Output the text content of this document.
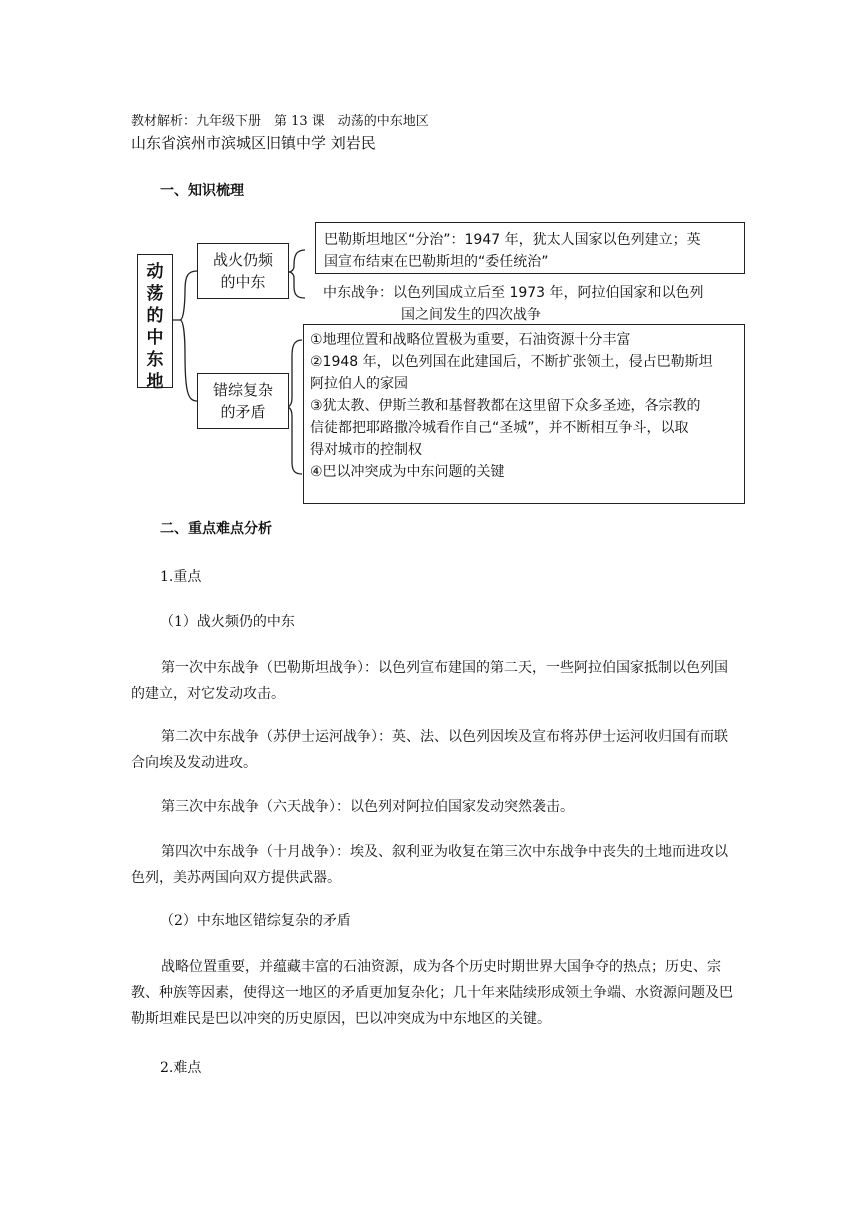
教材解析：九年级下册　第 13 课　动荡的中东地区
山东省滨州市滨城区旧镇中学 刘岩民
一、知识梳理
动
荡
的
中
东
地
战火仍频
的中东
错综复杂
的矛盾
巴勒斯坦地区“分治”：1947 年，犹太人国家以色列建立；英
国宣布结束在巴勒斯坦的“委任统治”
中东战争：以色列国成立后至 1973 年，阿拉伯国家和以色列
国之间发生的四次战争
①地理位置和战略位置极为重要，石油资源十分丰富
②1948 年，以色列国在此建国后，不断扩张领土，侵占巴勒斯坦
阿拉伯人的家园
③犹太教、伊斯兰教和基督教都在这里留下众多圣迹，各宗教的
信徒都把耶路撒冷城看作自己“圣城”，并不断相互争斗，以取
得对城市的控制权
④巴以冲突成为中东问题的关键
二、重点难点分析
1.重点
（1）战火频仍的中东
第一次中东战争（巴勒斯坦战争）：以色列宣布建国的第二天，一些阿拉伯国家抵制以色列国的建立，对它发动攻击。
第二次中东战争（苏伊士运河战争）：英、法、以色列因埃及宣布将苏伊士运河收归国有而联合向埃及发动进攻。
第三次中东战争（六天战争）：以色列对阿拉伯国家发动突然袭击。
第四次中东战争（十月战争）：埃及、叙利亚为收复在第三次中东战争中丧失的土地而进攻以色列，美苏两国向双方提供武器。
（2）中东地区错综复杂的矛盾
战略位置重要，并蕴藏丰富的石油资源，成为各个历史时期世界大国争夺的热点；历史、宗教、种族等因素，使得这一地区的矛盾更加复杂化；几十年来陆续形成领土争端、水资源问题及巴勒斯坦难民是巴以冲突的历史原因，巴以冲突成为中东地区的关键。
2.难点
